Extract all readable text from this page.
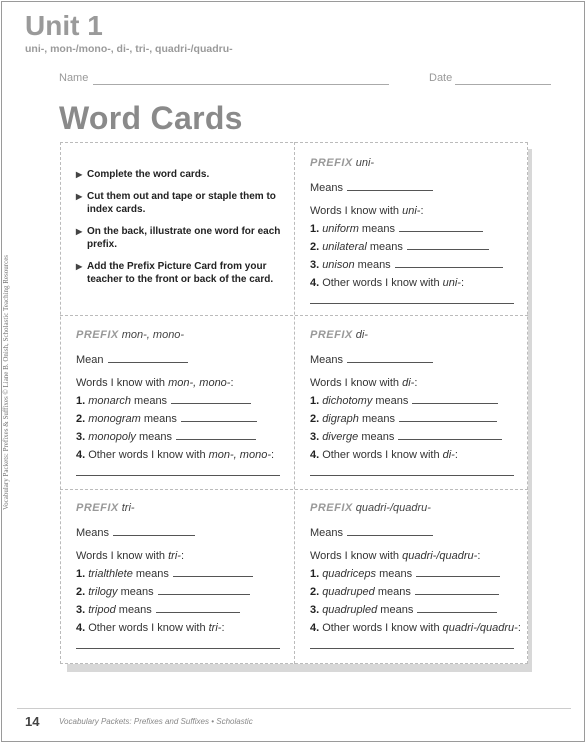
Unit 1
uni-, mon-/mono-, di-, tri-, quadri-/quadru-
Name	Date
Word Cards
▶ Complete the word cards.
▶ Cut them out and tape or staple them to index cards.
▶ On the back, illustrate one word for each prefix.
▶ Add the Prefix Picture Card from your teacher to the front or back of the card.
PREFIX uni-
Means
Words I know with uni-:
1. uniform means
2. unilateral means
3. unison means
4. Other words I know with uni-:
PREFIX mon-, mono-
Mean
Words I know with mon-, mono-:
1. monarch means
2. monogram means
3. monopoly means
4. Other words I know with mon-, mono-:
PREFIX di-
Means
Words I know with di-:
1. dichotomy means
2. digraph means
3. diverge means
4. Other words I know with di-:
PREFIX tri-
Means
Words I know with tri-:
1. trialthlete means
2. trilogy means
3. tripod means
4. Other words I know with tri-:
PREFIX quadri-/quadru-
Means
Words I know with quadri-/quadru-:
1. quadriceps means
2. quadruped means
3. quadrupled means
4. Other words I know with quadri-/quadru-:
Vocabulary Packets: Prefixes & Suffixes © Liane B. Onish, Scholastic Teaching Resources
14 Vocabulary Packets: Prefixes and Suffixes • Scholastic
